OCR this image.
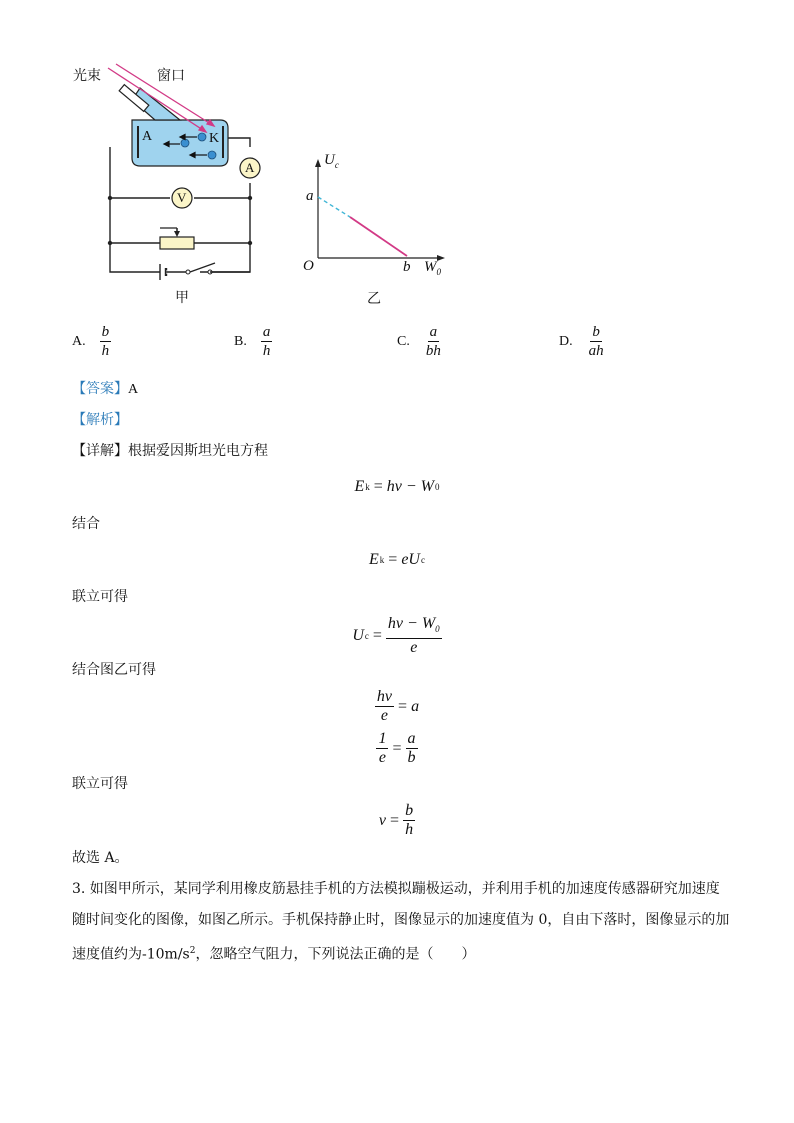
光束	窗口
A	K
A
V
甲
$U_c$
a
O	b $W_0$
乙
A. $\frac{b}{h}$	B. $\frac{a}{h}$	C. $\frac{a}{bh}$	D. $\frac{b}{ah}$
【答案】A
【解析】
【详解】根据爱因斯坦光电方程
E k = hν − W 0
结合
E k = eU c
联立可得
U $c = \frac{h\nu - W_0}{e}$
结合图乙可得
$\frac{h\nu}{e} = a$
$\frac{1}{e} = \frac{a}{b}$
联立可得
$\nu = \frac{b}{h}$
故选 A。
3. 如图甲所示，某同学利用橡皮筋悬挂手机的方法模拟蹦极运动，并利用手机的加速度传感器研究加速度
随时间变化的图像，如图乙所示。手机保持静止时，图像显示的加速度值为 0，自由下落时，图像显示的加
速度值约为$-10m/s^2$，忽略空气阻力，下列说法正确的是（　　）
